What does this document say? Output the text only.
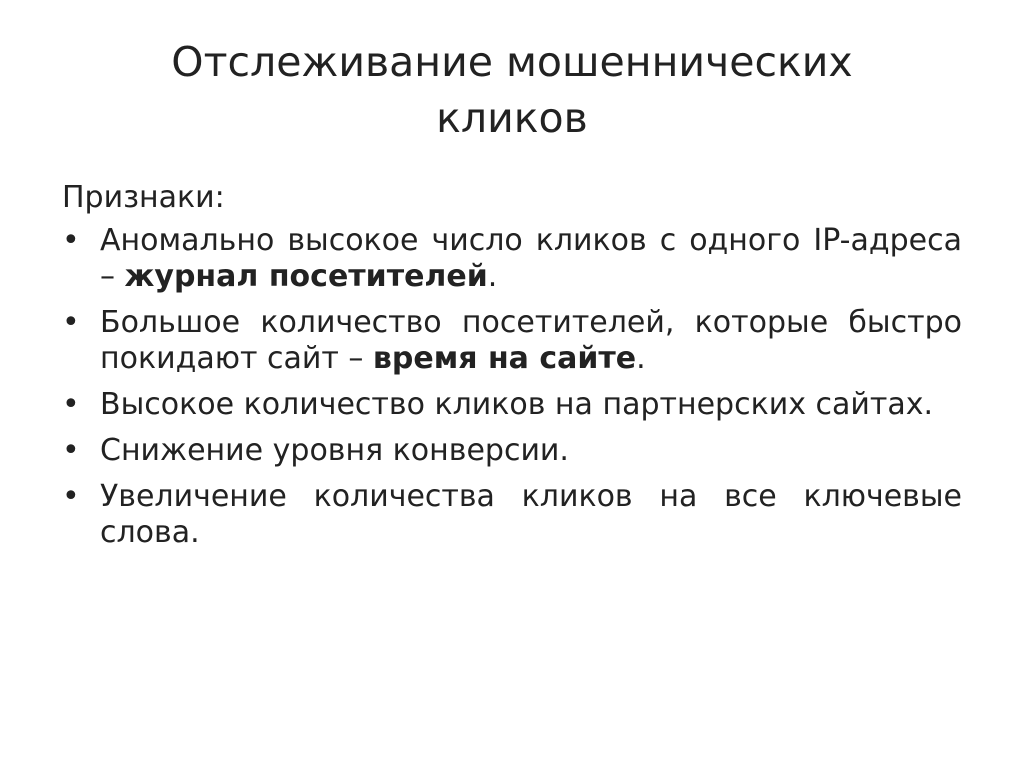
Отслеживание мошеннических
кликов

Признаки:

• Аномально высокое число кликов с одного IP-адреса – журнал посетителей.
• Большое количество посетителей, которые быстро покидают сайт – время на сайте.
• Высокое количество кликов на партнерских сайтах.
• Снижение уровня конверсии.
• Увеличение количества кликов на все ключевые слова.
